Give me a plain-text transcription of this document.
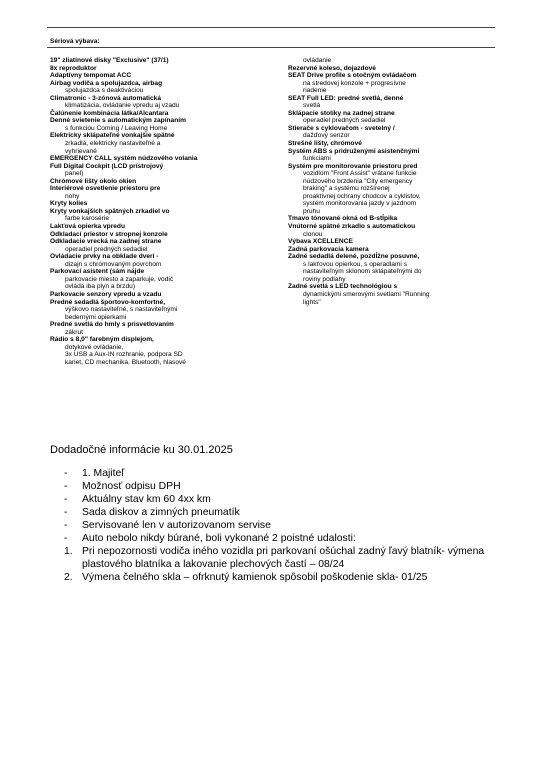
Sériová výbava:
19" zliatinové disky "Exclusive" (37/1)
8x reproduktor
Adaptívny tempomat ACC
Airbag vodiča a spolujazdca, airbag
spolujazdca s deaktiváciou
Climatronic - 3-zónová automatická
klimatizácia, ovládanie vpredu aj vzadu
Čalúnenie kombinácia látka/Alcantara
Denné svietenie s automatickým zapínaním
s funkciou Coming / Leaving Home
Elektricky sklápateľné vonkajšie spätné
zrkadlá, elektricky nastaviteľné a
vyhrievané
EMERGENCY CALL systém núdzového volania
Full Digital Cockpit (LCD prístrojový
panel)
Chrómové lišty okolo okien
Interiérové osvetlenie priestoru pre
nohy
Kryty kolies
Kryty vonkajších spätných zrkadiel vo
farbe karosérie
Lakťová opierka vpredu
Odkladací priestor v stropnej konzole
Odkladacie vrecká na zadnej strane
operadiel predných sedadiel
Ovládacie prvky na obklade dverí -
dizajn s chrómovaným povrchom
Parkovací asistent (sám nájde
parkovacie miesto a zaparkuje, vodič
ovláda iba plyn a brzdu)
Parkovacie senzory vpredu a vzadu
Predné sedadlá športovo-komfortné,
výškovo nastaviteľné, s nastaviteľnými
bedernými opierkami
Predné svetlá do hmly s prisvetlovaním
zákrut
Rádio s 8,0" farebným displejom,
dotykové ovládanie,
3x USB a Aux-IN rozhranie, podpora SD
kariet, CD mechanika, Bluetooth, hlasové
ovládanie
Rezervné koleso, dojazdové
SEAT Drive profile s otočným ovládačom
na stredovej konzole + progresívne
riadenie
SEAT Full LED: predné svetlá, denné
svetlá
Sklápacie stolíky na zadnej strane
operadiel predných sedadiel
Stierače s cyklovačom - svetelný /
dažďový senzor
Strešné lišty, chrómové
Systém ABS s pridruženými asistenčnými
funkciami
Systém pre monitorovanie priestoru pred
vozidlom "Front Assist" vrátane funkcie
núdzového brzdenia "City emergency
braking" a systému rozšírenej
proaktívnej ochrany chodcov a cyklistov,
systém monitorovania jazdy v jazdnom
pruhu
Tmavo tónované okná od B-stĺpika
Vnútorné spätné zrkadlo s automatickou
clonou
Výbava XCELLENCE
Zadná parkovacia kamera
Zadné sedadlá delené, pozdĺžne posuvné,
s lakťovou opierkou, s operadlami s
nastaviteľným sklonom sklápateľnými do
roviny podlahy
Zadné svetlá s LED technológiou s
dynamickými smerovými svetlami "Running
lights"
Dodadočné informácie ku 30.01.2025
- 1. Majiteľ
- Možnosť odpisu DPH
- Aktuálny stav km 60 4xx km
- Sada diskov a zimných pneumatík
- Servisované len v autorizovanom servise
- Auto nebolo nikdy búrané, boli vykonané 2 poistné udalosti:
1. Pri nepozornosti vodiča iného vozidla pri parkovaní ošúchal zadný ľavý blatník- výmena plastového blatníka a lakovanie plechových častí – 08/24
2. Výmena čelného skla – ofrknutý kamienok spôsobil poškodenie skla- 01/25
